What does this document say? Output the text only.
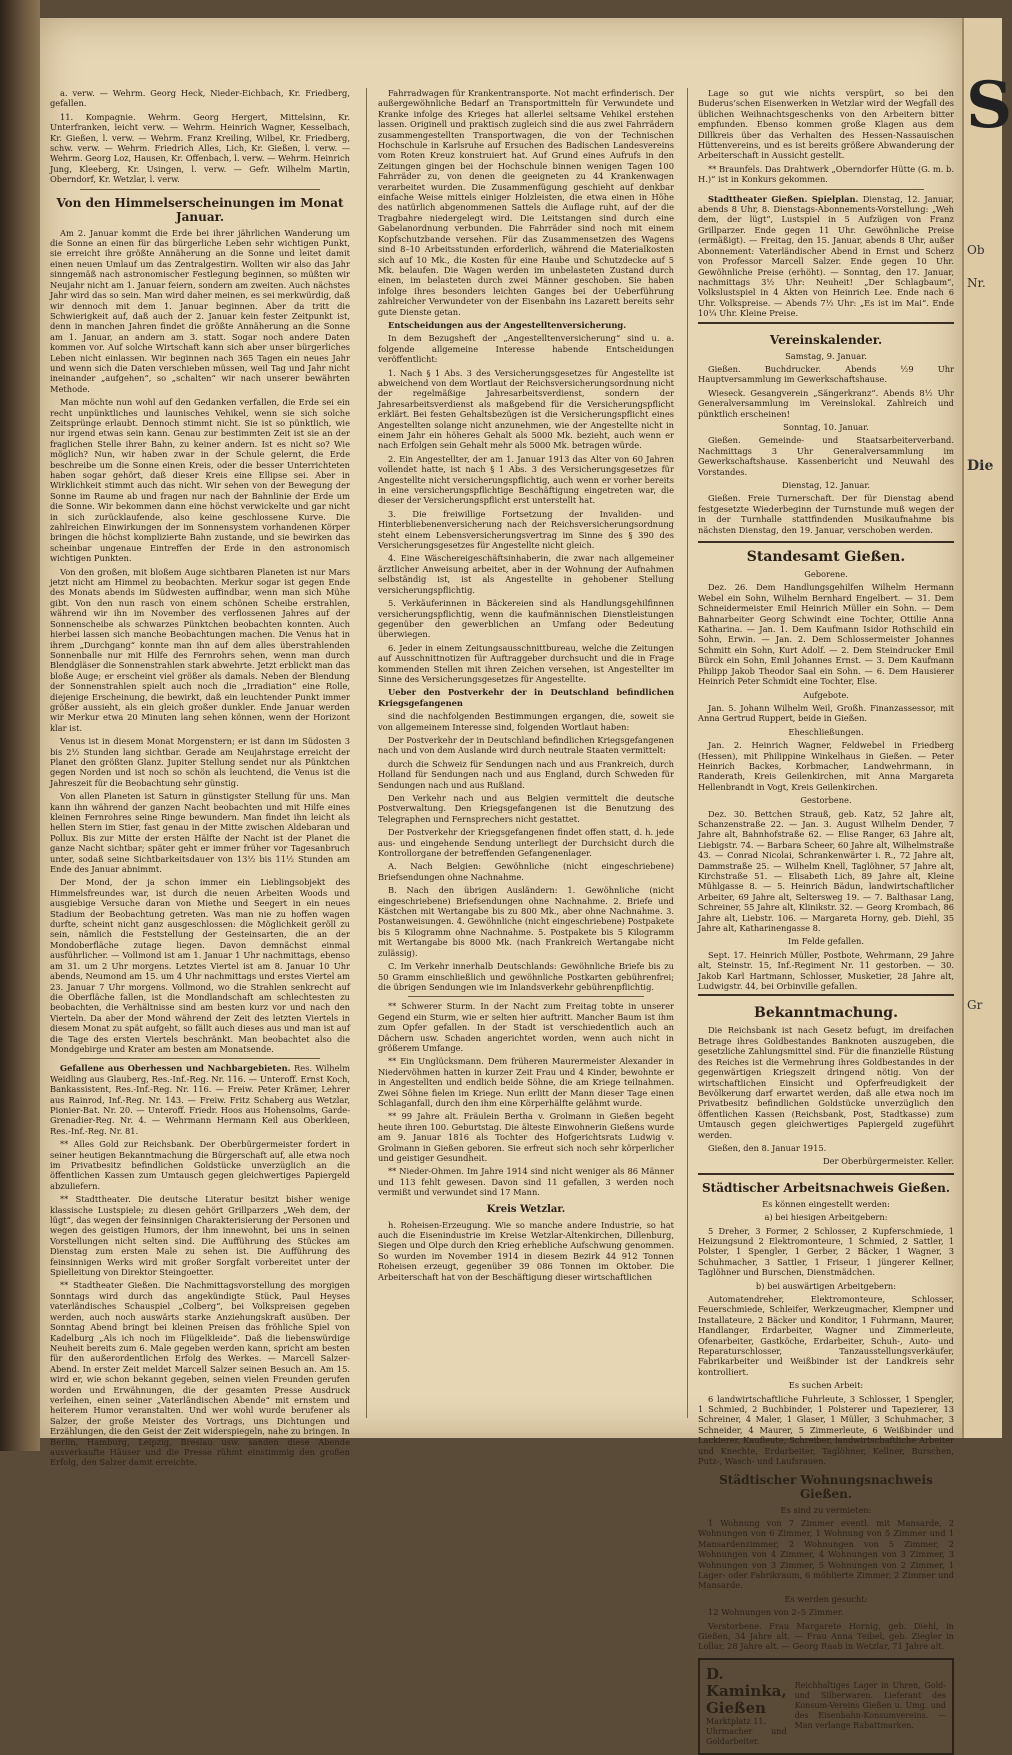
a. verw. — Wehrm. Georg Heck, Nieder-Eichbach, Kr. Friedberg, gefallen.

11. Kompagnie. Wehrm. Georg Hergert, Mittelsinn, Kr. Unterfranken, leicht verw. — Wehrm. Heinrich Wagner, Kesselbach, Kr. Gießen, l. verw. — Wehrm. Franz Kreiling, Wilbel, Kr. Friedberg, schw. verw. — Wehrm. Friedrich Alles, Lich, Kr. Gießen, l. verw. — Wehrm. Georg Loz, Hausen, Kr. Offenbach, l. verw. — Wehrm. Heinrich Jung, Kleeberg, Kr. Usingen, l. verw. — Gefr. Wilhelm Martin, Oberndorf, Kr. Wetzlar, l. verw.

Von den Himmelserscheinungen im Monat Januar.

Am 2. Januar kommt die Erde bei ihrer jährlichen Wanderung um die Sonne an einen für das bürgerliche Leben sehr wichtigen Punkt, sie erreicht ihre größte Annäherung an die Sonne und leitet damit einen neuen Umlauf um das Zentralgestirn. Wollten wir also das Jahr sinngemäß nach astronomischer Festlegung beginnen, so müßten wir Neujahr nicht am 1. Januar feiern, sondern am zweiten. Auch nächstes Jahr wird das so sein. Man wird daher meinen, es sei merkwürdig, daß wir dennoch mit dem 1. Januar beginnen. Aber da tritt die Schwierigkeit auf, daß auch der 2. Januar kein fester Zeitpunkt ist, denn in manchen Jahren findet die größte Annäherung an die Sonne am 1. Januar, an andern am 3. statt. Sogar noch andere Daten kommen vor. Auf solche Wirtschaft kann sich aber unser bürgerliches Leben nicht einlassen. Wir beginnen nach 365 Tagen ein neues Jahr und wenn sich die Daten verschieben müssen, weil Tag und Jahr nicht ineinander „aufgehen“, so „schalten“ wir nach unserer bewährten Methode.

Man möchte nun wohl auf den Gedanken verfallen, die Erde sei ein recht unpünktliches und launisches Vehikel, wenn sie sich solche Zeitsprünge erlaubt. Dennoch stimmt nicht. Sie ist so pünktlich, wie nur irgend etwas sein kann. Genau zur bestimmten Zeit ist sie an der fraglichen Stelle ihrer Bahn, zu keiner andern. Ist es nicht so? Wie möglich? Nun, wir haben zwar in der Schule gelernt, die Erde beschreibe um die Sonne einen Kreis, oder die besser Unterrichteten haben sogar gehört, daß dieser Kreis eine Ellipse sei. Aber in Wirklichkeit stimmt auch das nicht. Wir sehen von der Bewegung der Sonne im Raume ab und fragen nur nach der Bahnlinie der Erde um die Sonne. Wir bekommen dann eine höchst verwickelte und gar nicht in sich zurücklaufende, also keine geschlossene Kurve. Die zahlreichen Einwirkungen der im Sonnensystem vorhandenen Körper bringen die höchst komplizierte Bahn zustande, und sie bewirken das scheinbar ungenaue Eintreffen der Erde in den astronomisch wichtigen Punkten.

Von den großen, mit bloßem Auge sichtbaren Planeten ist nur Mars jetzt nicht am Himmel zu beobachten. Merkur sogar ist gegen Ende des Monats abends im Südwesten auffindbar, wenn man sich Mühe gibt. Von den nun rasch von einem schönen Scheibe erstrahlen, während wir ihn im November des verflossenen Jahres auf der Sonnenscheibe als schwarzes Pünktchen beobachten konnten. Auch hierbei lassen sich manche Beobachtungen machen. Die Venus hat in ihrem „Durchgang“ konnte man ihn auf dem alles überstrahlenden Sonnenballe nur mit Hilfe des Fernrohrs sehen, wenn man durch Blendgläser die Sonnenstrahlen stark abwehrte. Jetzt erblickt man das bloße Auge; er erscheint viel größer als damals. Neben der Blendung der Sonnenstrahlen spielt auch noch die „Irradiation“ eine Rolle, diejenige Erscheinung, die bewirkt, daß ein leuchtender Punkt immer größer aussieht, als ein gleich großer dunkler. Ende Januar werden wir Merkur etwa 20 Minuten lang sehen können, wenn der Horizont klar ist.

Venus ist in diesem Monat Morgenstern; er ist dann im Südosten 3 bis 2½ Stunden lang sichtbar. Gerade am Neujahrstage erreicht der Planet den größten Glanz. Jupiter Stellung sendet nur als Pünktchen gegen Norden und ist noch so schön als leuchtend, die Venus ist die Jahreszeit für die Beobachtung sehr günstig.

Von allen Planeten ist Saturn in günstigster Stellung für uns. Man kann ihn während der ganzen Nacht beobachten und mit Hilfe eines kleinen Fernrohres seine Ringe bewundern. Man findet ihn leicht als hellen Stern im Stier, fast genau in der Mitte zwischen Aldebaran und Pollux. Bis zur Mitte der ersten Hälfte der Nacht ist der Planet die ganze Nacht sichtbar; später geht er immer früher vor Tagesanbruch unter, sodaß seine Sichtbarkeitsdauer von 13½ bis 11½ Stunden am Ende des Januar abnimmt.

Der Mond, der ja schon immer ein Lieblingsobjekt des Himmelsfreundes war, ist durch die neuen Arbeiten Woods und ausgiebige Versuche daran von Miethe und Seegert in ein neues Stadium der Beobachtung getreten. Was man nie zu hoffen wagen durfte, scheint nicht ganz ausgeschlossen: die Möglichkeit geröll zu sein, nämlich die Feststellung der Gesteinsarten, die an der Mondoberfläche zutage liegen. Davon demnächst einmal ausführlicher. — Vollmond ist am 1. Januar 1 Uhr nachmittags, ebenso am 31. um 2 Uhr morgens. Letztes Viertel ist am 8. Januar 10 Uhr abends, Neumond am 15. um 4 Uhr nachmittags und erstes Viertel am 23. Januar 7 Uhr morgens. Vollmond, wo die Strahlen senkrecht auf die Oberfläche fallen, ist die Mondlandschaft am schlechtesten zu beobachten, die Verhältnisse sind am besten kurz vor und nach den Vierteln. Da aber der Mond während der Zeit des letzten Viertels in diesem Monat zu spät aufgeht, so fällt auch dieses aus und man ist auf die Tage des ersten Viertels beschränkt. Man beobachtet also die Mondgebirge und Krater am besten am Monatsende.

Gefallene aus Oberhessen und Nachbargebieten. Res. Wilhelm Weidling aus Glauberg, Res.-Inf.-Reg. Nr. 116. — Unteroff. Ernst Koch, Bankassistent, Res.-Inf.-Reg. Nr. 116. — Freiw. Peter Krämer, Lehrer aus Rainrod, Inf.-Reg. Nr. 143. — Freiw. Fritz Schaberg aus Wetzlar, Pionier-Bat. Nr. 20. — Unteroff. Friedr. Hoos aus Hohensolms, Garde-Grenadier-Reg. Nr. 4. — Wehrmann Hermann Keil aus Oberkleen, Res.-Inf.-Reg. Nr. 81.

** Alles Gold zur Reichsbank. Der Oberbürgermeister fordert in seiner heutigen Bekanntmachung die Bürgerschaft auf, alle etwa noch im Privatbesitz befindlichen Goldstücke unverzüglich an die öffentlichen Kassen zum Umtausch gegen gleichwertiges Papiergeld abzuliefern.

** Stadttheater. Die deutsche Literatur besitzt bisher wenige klassische Lustspiele; zu diesen gehört Grillparzers „Weh dem, der lügt“, das wegen der feinsinnigen Charakterisierung der Personen und wegen des geistigen Humors, der ihm innewohnt, bei uns in seinen Vorstellungen nicht selten sind. Die Aufführung des Stückes am Dienstag zum ersten Male zu sehen ist. Die Aufführung des feinsinnigen Werks wird mit großer Sorgfalt vorbereitet unter der Spielleitung von Direktor Steingoetter.

** Stadtheater Gießen. Die Nachmittagsvorstellung des morgigen Sonntags wird durch das angekündigte Stück, Paul Heyses vaterländisches Schauspiel „Colberg“, bei Volkspreisen gegeben werden, auch noch auswärts starke Anziehungskraft ausüben. Der Sonntag Abend bringt bei kleinen Preisen das fröhliche Spiel von Kadelburg „Als ich noch im Flügelkleide“. Daß die liebenswürdige Neuheit bereits zum 6. Male gegeben werden kann, spricht am besten für den außerordentlichen Erfolg des Werkes. — Marcell Salzer-Abend. In erster Zeit meldet Marcell Salzer seinen Besuch an. Am 15. wird er, wie schon bekannt gegeben, seinen vielen Freunden gerufen worden und Erwähnungen, die der gesamten Presse Ausdruck verleihen, einen seiner „Vaterländischen Abende“ mit ernstem und heiterem Humor veranstalten. Und wer wohl wurde berufener als Salzer, der große Meister des Vortrags, uns Dichtungen und Erzählungen, die den Geist der Zeit widerspiegeln, nahe zu bringen. In Berlin, Hamburg, Leipzig, Breslau usw. sanden diese Abende ausverkaufte Häuser und die Presse rühmt einstimmig den großen Erfolg, den Salzer damit erreichte.

Fahrradwagen für Krankentransporte. Not macht erfinderisch. Der außergewöhnliche Bedarf an Transportmitteln für Verwundete und Kranke infolge des Krieges hat allerlei seltsame Vehikel erstehen lassen. Originell und praktisch zugleich sind die aus zwei Fahrrädern zusammengestellten Transportwagen, die von der Technischen Hochschule in Karlsruhe auf Ersuchen des Badischen Landesvereins vom Roten Kreuz konstruiert hat. Auf Grund eines Aufrufs in den Zeitungen gingen bei der Hochschule binnen wenigen Tagen 100 Fahrräder zu, von denen die geeigneten zu 44 Krankenwagen verarbeitet wurden. Die Zusammenfügung geschieht auf denkbar einfache Weise mittels einiger Holzleisten, die etwa einen in Höhe des natürlich abgenommenen Sattels die Auflage ruht, auf der die Tragbahre niedergelegt wird. Die Leitstangen sind durch eine Gabelanordnung verbunden. Die Fahrräder sind noch mit einem Kopfschutzbande versehen. Für das Zusammensetzen des Wagens sind 8–10 Arbeitsstunden erforderlich, während die Materialkosten sich auf 10 Mk., die Kosten für eine Haube und Schutzdecke auf 5 Mk. belaufen. Die Wagen werden im unbelasteten Zustand durch einen, im belasteten durch zwei Männer geschoben. Sie haben infolge ihres besonders leichten Ganges bei der Ueberführung zahlreicher Verwundeter von der Eisenbahn ins Lazarett bereits sehr gute Dienste getan.

Entscheidungen aus der Angestelltenversicherung.

In dem Bezugsheft der „Angestelltenversicherung“ sind u. a. folgende allgemeine Interesse habende Entscheidungen veröffentlicht:

1. Nach § 1 Abs. 3 des Versicherungsgesetzes für Angestellte ist abweichend von dem Wortlaut der Reichsversicherungsordnung nicht der regelmäßige Jahresarbeitsverdienst, sondern der Jahresarbeitsverdienst als maßgebend für die Versicherungspflicht erklärt. Bei festen Gehaltsbezügen ist die Versicherungspflicht eines Angestellten solange nicht anzunehmen, wie der Angestellte nicht in einem Jahr ein höheres Gehalt als 5000 Mk. bezieht, auch wenn er nach Erfolgen sein Gehalt mehr als 5000 Mk. betragen würde.

2. Ein Angestellter, der am 1. Januar 1913 das Alter von 60 Jahren vollendet hatte, ist nach § 1 Abs. 3 des Versicherungsgesetzes für Angestellte nicht versicherungspflichtig, auch wenn er vorher bereits in eine versicherungspflichtige Beschäftigung eingetreten war, die dieser der Versicherungspflicht erst unterstellt hat.

3. Die freiwillige Fortsetzung der Invaliden- und Hinterbliebenenversicherung nach der Reichsversicherungsordnung steht einem Lebensversicherungsvertrag im Sinne des § 390 des Versicherungsgesetzes für Angestellte nicht gleich.

4. Eine Wäschereigeschäftsinhaberin, die zwar nach allgemeiner ärztlicher Anweisung arbeitet, aber in der Wohnung der Aufnahmen selbständig ist, ist als Angestellte in gehobener Stellung versicherungspflichtig.

5. Verkäuferinnen in Bäckereien sind als Handlungsgehilfinnen versicherungspflichtig, wenn die kaufmännischen Dienstleistungen gegenüber den gewerblichen an Umfang oder Bedeutung überwiegen.

6. Jeder in einem Zeitungsausschnittbureau, welche die Zeitungen auf Ausschnittnotizen für Auftraggeber durchsucht und die in Frage kommenden Stellen mit ihren Zeichen versehen, ist Angestellter im Sinne des Versicherungsgesetzes für Angestellte.

Ueber den Postverkehr der in Deutschland befindlichen Kriegsgefangenen

sind die nachfolgenden Bestimmungen ergangen, die, soweit sie von allgemeinem Interesse sind, folgenden Wortlaut haben:

Der Postverkehr der in Deutschland befindlichen Kriegsgefangenen nach und von dem Auslande wird durch neutrale Staaten vermittelt:

durch die Schweiz für Sendungen nach und aus Frankreich, durch Holland für Sendungen nach und aus England, durch Schweden für Sendungen nach und aus Rußland.

Den Verkehr nach und aus Belgien vermittelt die deutsche Postverwaltung. Den Kriegsgefangenen ist die Benutzung des Telegraphen und Fernsprechers nicht gestattet.

Der Postverkehr der Kriegsgefangenen findet offen statt, d. h. jede aus- und eingehende Sendung unterliegt der Durchsicht durch die Kontrollorgane der betreffenden Gefangenenlager.

A. Nach Belgien: Gewöhnliche (nicht eingeschriebene) Briefsendungen ohne Nachnahme.

B. Nach den übrigen Ausländern: 1. Gewöhnliche (nicht eingeschriebene) Briefsendungen ohne Nachnahme. 2. Briefe und Kästchen mit Wertangabe bis zu 800 Mk., aber ohne Nachnahme. 3. Postanweisungen. 4. Gewöhnliche (nicht eingeschriebene) Postpakete bis 5 Kilogramm ohne Nachnahme. 5. Postpakete bis 5 Kilogramm mit Wertangabe bis 8000 Mk. (nach Frankreich Wertangabe nicht zulässig).

C. Im Verkehr innerhalb Deutschlands: Gewöhnliche Briefe bis zu 50 Gramm einschließlich und gewöhnliche Postkarten gebührenfrei; die übrigen Sendungen wie im Inlandsverkehr gebührenpflichtig.

** Schwerer Sturm. In der Nacht zum Freitag tobte in unserer Gegend ein Sturm, wie er selten hier auftritt. Mancher Baum ist ihm zum Opfer gefallen. In der Stadt ist verschiedentlich auch an Dächern usw. Schaden angerichtet worden, wenn auch nicht in größerem Umfange.

** Ein Unglücksmann. Dem früheren Maurermeister Alexander in Niedervöhmen hatten in kurzer Zeit Frau und 4 Kinder, bewohnte er in Angestellten und endlich beide Söhne, die am Kriege teilnahmen. Zwei Söhne fielen im Kriege. Nun erlitt der Mann dieser Tage einen Schlaganfall, durch den ihm eine Körperhälfte gelähmt wurde.

** 99 Jahre alt. Fräulein Bertha v. Grolmann in Gießen begeht heute ihren 100. Geburtstag. Die älteste Einwohnerin Gießens wurde am 9. Januar 1816 als Tochter des Hofgerichtsrats Ludwig v. Grolmann in Gießen geboren. Sie erfreut sich noch sehr körperlicher und geistiger Gesundheit.

** Nieder-Ohmen. Im Jahre 1914 sind nicht weniger als 86 Männer und 113 fehlt gewesen. Davon sind 11 gefallen, 3 werden noch vermißt und verwundet sind 17 Mann.

Kreis Wetzlar.

h. Roheisen-Erzeugung. Wie so manche andere Industrie, so hat auch die Eisenindustrie im Kreise Wetzlar-Altenkirchen, Dillenburg, Siegen und Olpe durch den Krieg erhebliche Aufschwung genommen. So wurden im November 1914 in diesem Bezirk 44 912 Tonnen Roheisen erzeugt, gegenüber 39 086 Tonnen im Oktober. Die Arbeiterschaft hat von der Beschäftigung dieser wirtschaftlichen

Lage so gut wie nichts verspürt, so bei den Buderus’schen Eisenwerken in Wetzlar wird der Wegfall des üblichen Weihnachtsgeschenks von den Arbeitern bitter empfunden. Ebenso kommen große Klagen aus dem Dillkreis über das Verhalten des Hessen-Nassauischen Hüttenvereins, und es ist bereits größere Abwanderung der Arbeiterschaft in Aussicht gestellt.

** Braunfels. Das Drahtwerk „Oberndorfer Hütte (G. m. b. H.)“ ist in Konkurs gekommen.

Stadttheater Gießen. Spielplan. Dienstag, 12. Januar, abends 8 Uhr, 8. Dienstags-Abonnements-Vorstellung: „Weh dem, der lügt“, Lustspiel in 5 Aufzügen von Franz Grillparzer. Ende gegen 11 Uhr. Gewöhnliche Preise (ermäßigt). — Freitag, den 15. Januar, abends 8 Uhr, außer Abonnement: Vaterländischer Abend in Ernst und Scherz von Professor Marcell Salzer. Ende gegen 10 Uhr. Gewöhnliche Preise (erhöht). — Sonntag, den 17. Januar, nachmittags 3½ Uhr: Neuheit! „Der Schlagbaum“, Volkslustspiel in 4 Akten von Heinrich Lee. Ende nach 6 Uhr. Volkspreise. — Abends 7½ Uhr: „Es ist im Mai“. Ende 10¼ Uhr. Kleine Preise.

Vereinskalender.

Samstag, 9. Januar.

Gießen. Buchdrucker. Abends ½9 Uhr Hauptversammlung im Gewerkschaftshause.

Wieseck. Gesangverein „Sängerkranz“. Abends 8½ Uhr Generalversammlung im Vereinslokal. Zahlreich und pünktlich erscheinen!

Sonntag, 10. Januar.

Gießen. Gemeinde- und Staatsarbeiterverband. Nachmittags 3 Uhr Generalversammlung im Gewerkschaftshause. Kassenbericht und Neuwahl des Vorstandes.

Dienstag, 12. Januar.

Gießen. Freie Turnerschaft. Der für Dienstag abend festgesetzte Wiederbeginn der Turnstunde muß wegen der in der Turnhalle stattfindenden Musikaufnahme bis nächsten Dienstag, den 19. Januar, verschoben werden.

Standesamt Gießen.

Geborene.

Dez. 26. Dem Handlungsgehilfen Wilhelm Hermann Webel ein Sohn, Wilhelm Bernhard Engelbert. — 31. Dem Schneidermeister Emil Heinrich Müller ein Sohn. — Dem Bahnarbeiter Georg Schwindt eine Tochter, Ottilie Anna Katharina. — Jan. 1. Dem Kaufmann Isidor Rothschild ein Sohn, Erwin. — Jan. 2. Dem Schlossermeister Johannes Schmitt ein Sohn, Kurt Adolf. — 2. Dem Steindrucker Emil Bürck ein Sohn, Emil Johannes Ernst. — 3. Dem Kaufmann Philipp Jakob Theodor Saal ein Sohn. — 6. Dem Hausierer Heinrich Peter Schmidt eine Tochter, Else.

Aufgebote.

Jan. 5. Johann Wilhelm Weil, Großh. Finanzassessor, mit Anna Gertrud Ruppert, beide in Gießen.

Eheschließungen.

Jan. 2. Heinrich Wagner, Feldwebel in Friedberg (Hessen), mit Philippine Winkelhaus in Gießen. — Peter Heinrich Backes, Korbmacher, Landwehrmann, in Randerath, Kreis Geilenkirchen, mit Anna Margareta Hellenbrandt in Vogt, Kreis Geilenkirchen.

Gestorbene.

Dez. 30. Bettchen Strauß, geb. Katz, 52 Jahre alt, Schanzenstraße 22. — Jan. 3. August Wilhelm Dender, 7 Jahre alt, Bahnhofstraße 62. — Elise Ranger, 63 Jahre alt, Liebigstr. 74. — Barbara Scheer, 60 Jahre alt, Wilhelmstraße 43. — Conrad Nicolai, Schrankenwärter i. R., 72 Jahre alt, Dammstraße 25. — Wilhelm Knell, Taglöhner, 57 Jahre alt, Kirchstraße 51. — Elisabeth Lich, 89 Jahre alt, Kleine Mühlgasse 8. — 5. Heinrich Bädun, landwirtschaftlicher Arbeiter, 69 Jahre alt, Seltersweg 19. — 7. Balthasar Lang, Schreiner, 55 Jahre alt, Klinikstr. 32. — Georg Krombach, 86 Jahre alt, Liebstr. 106. — Margareta Horny, geb. Diehl, 35 Jahre alt, Katharinengasse 8.

Im Felde gefallen.

Sept. 17. Heinrich Müller, Postbote, Wehrmann, 29 Jahre alt, Steinstr. 15, Inf.-Regiment Nr. 11 gestorben. — 30. Jakob Karl Hartmann, Schlosser, Musketier, 28 Jahre alt, Ludwigstr. 44, bei Orbinville gefallen.

Bekanntmachung.

Die Reichsbank ist nach Gesetz befugt, im dreifachen Betrage ihres Goldbestandes Banknoten auszugeben, die gesetzliche Zahlungsmittel sind. Für die finanzielle Rüstung des Reiches ist die Vermehrung ihres Goldbestandes in der gegenwärtigen Kriegszeit dringend nötig. Von der wirtschaftlichen Einsicht und Opferfreudigkeit der Bevölkerung darf erwartet werden, daß alle etwa noch im Privatbesitz befindlichen Goldstücke unverzüglich den öffentlichen Kassen (Reichsbank, Post, Stadtkasse) zum Umtausch gegen gleichwertiges Papiergeld zugeführt werden.

Gießen, den 8. Januar 1915.

Der Oberbürgermeister. Keller.

Städtischer Arbeitsnachweis Gießen.

Es können eingestellt werden:

a) bei hiesigen Arbeitgebern:

5 Dreher, 3 Former, 2 Schlosser, 2 Kupferschmiede, 1 Heizungsund 2 Elektromonteure, 1 Schmied, 2 Sattler, 1 Polster, 1 Spengler, 1 Gerber, 2 Bäcker, 1 Wagner, 3 Schuhmacher, 3 Sattler, 1 Friseur, 1 jüngerer Kellner, Taglöhner und Burschen, Dienstmädchen.

b) bei auswärtigen Arbeitgebern:

Automatendreher, Elektromonteure, Schlosser, Feuerschmiede, Schleifer, Werkzeugmacher, Klempner und Installateure, 2 Bäcker und Konditor, 1 Fuhrmann, Maurer, Handlanger, Erdarbeiter, Wagner und Zimmerleute, Ofenarbeiter, Gastköche, Erdarbeiter, Schuh-, Auto- und Reparaturschlosser, Tanzausstellungsverkäufer, Fabrikarbeiter und Weißbinder ist der Landkreis sehr kontrolliert.

Es suchen Arbeit:

6 landwirtschaftliche Fuhrleute, 3 Schlosser, 1 Spengler, 1 Schmied, 2 Buchbinder, 1 Polsterer und Tapezierer, 13 Schreiner, 4 Maler, 1 Glaser, 1 Müller, 3 Schuhmacher, 3 Schneider, 4 Maurer, 5 Zimmerleute, 6 Weißbinder und Lackierer, Kaufleute, Schreiber, landwirtschaftliche Arbeiter und Knechte, Erdarbeiter, Taglöhner, Kellner, Burschen, Putz-, Wasch- und Laufsrauen.

Städtischer Wohnungsnachweis Gießen.

Es sind zu vermieten:

1 Wohnung von 7 Zimmer eventl. mit Mansarde, 2 Wohnungen von 6 Zimmer, 1 Wohnung von 5 Zimmer und 1 Mansardenzimmer, 2 Wohnungen von 5 Zimmer, 2 Wohnungen von 4 Zimmer, 4 Wohnungen von 3 Zimmer, 3 Wohnungen von 3 Zimmer, 5 Wohnungen von 2 Zimmer, 1 Lager- oder Fabrikraum, 6 möblierte Zimmer, 2 Zimmer und Mansarde.

Es werden gesucht:

12 Wohnungen von 2–5 Zimmer.

Verstorbene. Frau Margarete Hornig, geb. Diehl, in Gießen, 34 Jahre alt. — Frau Anna Teibel, geb. Ziegler in Lollar, 28 Jahre alt. — Georg Raab in Wetzlar, 71 Jahre alt.

D. Kaminka, Gießen
Marktplatz 11.
Uhrmacher und Goldarbeiter.
Reichhaltiges Lager in Uhren, Gold- und Silberwaren. Lieferant des Konsum-Vereins Gießen u. Umg. und des Eisenbahn-Konsumvereins. — Man verlange Rabattmarken.
S
Nr.
Die
Ob
Gr
